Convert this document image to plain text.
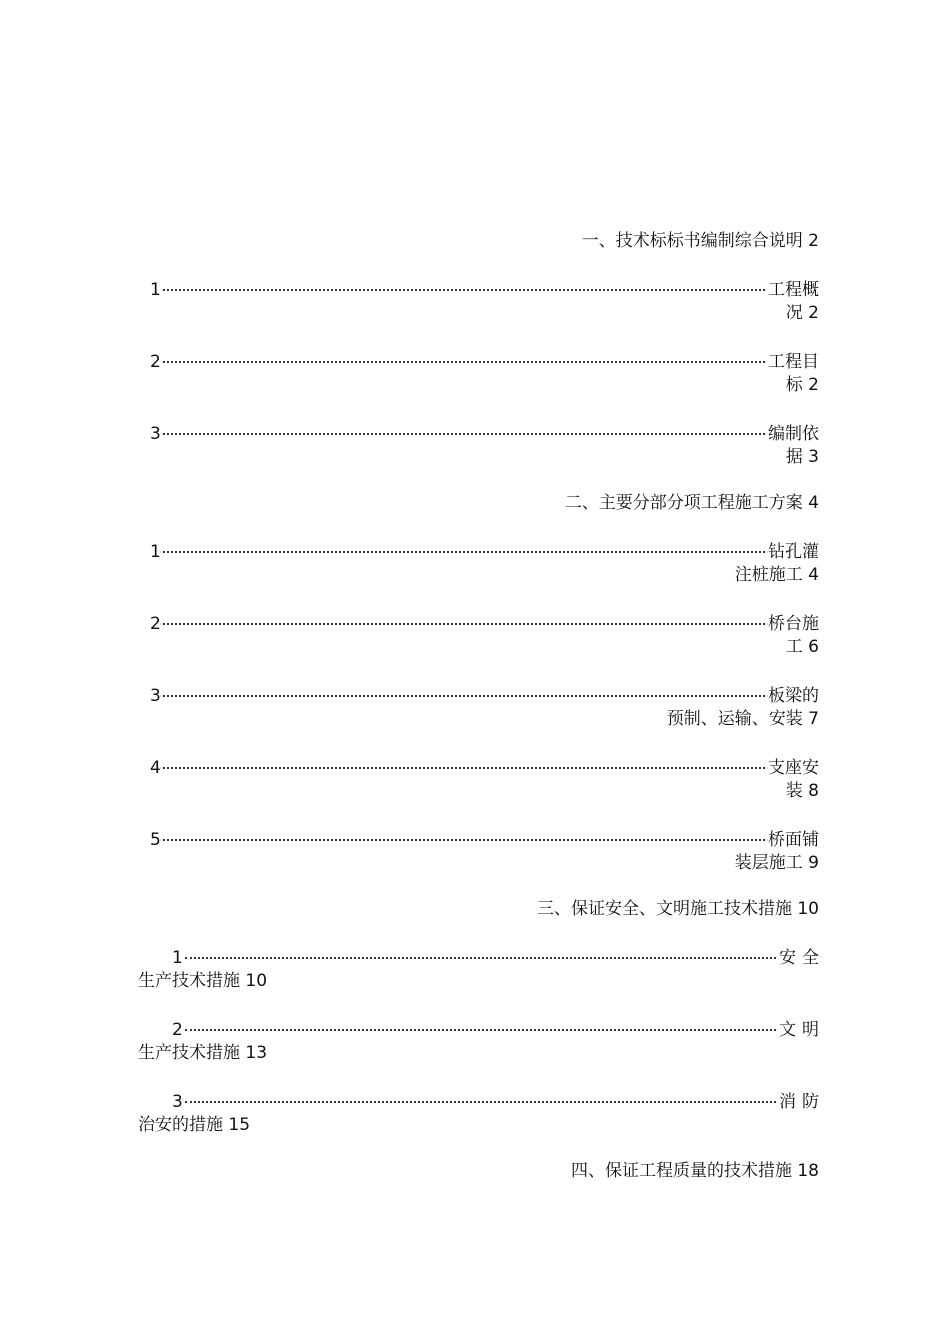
一、技术标标书编制综合说明 2
1	工程概
况 2
2	工程目
标 2
3	编制依
据 3
二、主要分部分项工程施工方案 4
1	钻孔灌
注桩施工 4
2	桥台施
工 6
3	板梁的
预制、运输、安装 7
4	支座安
装 8
5	桥面铺
装层施工 9
三、保证安全、文明施工技术措施 10
1	安全
生产技术措施 10
2	文明
生产技术措施 13
3	消防
治安的措施 15
四、保证工程质量的技术措施 18
